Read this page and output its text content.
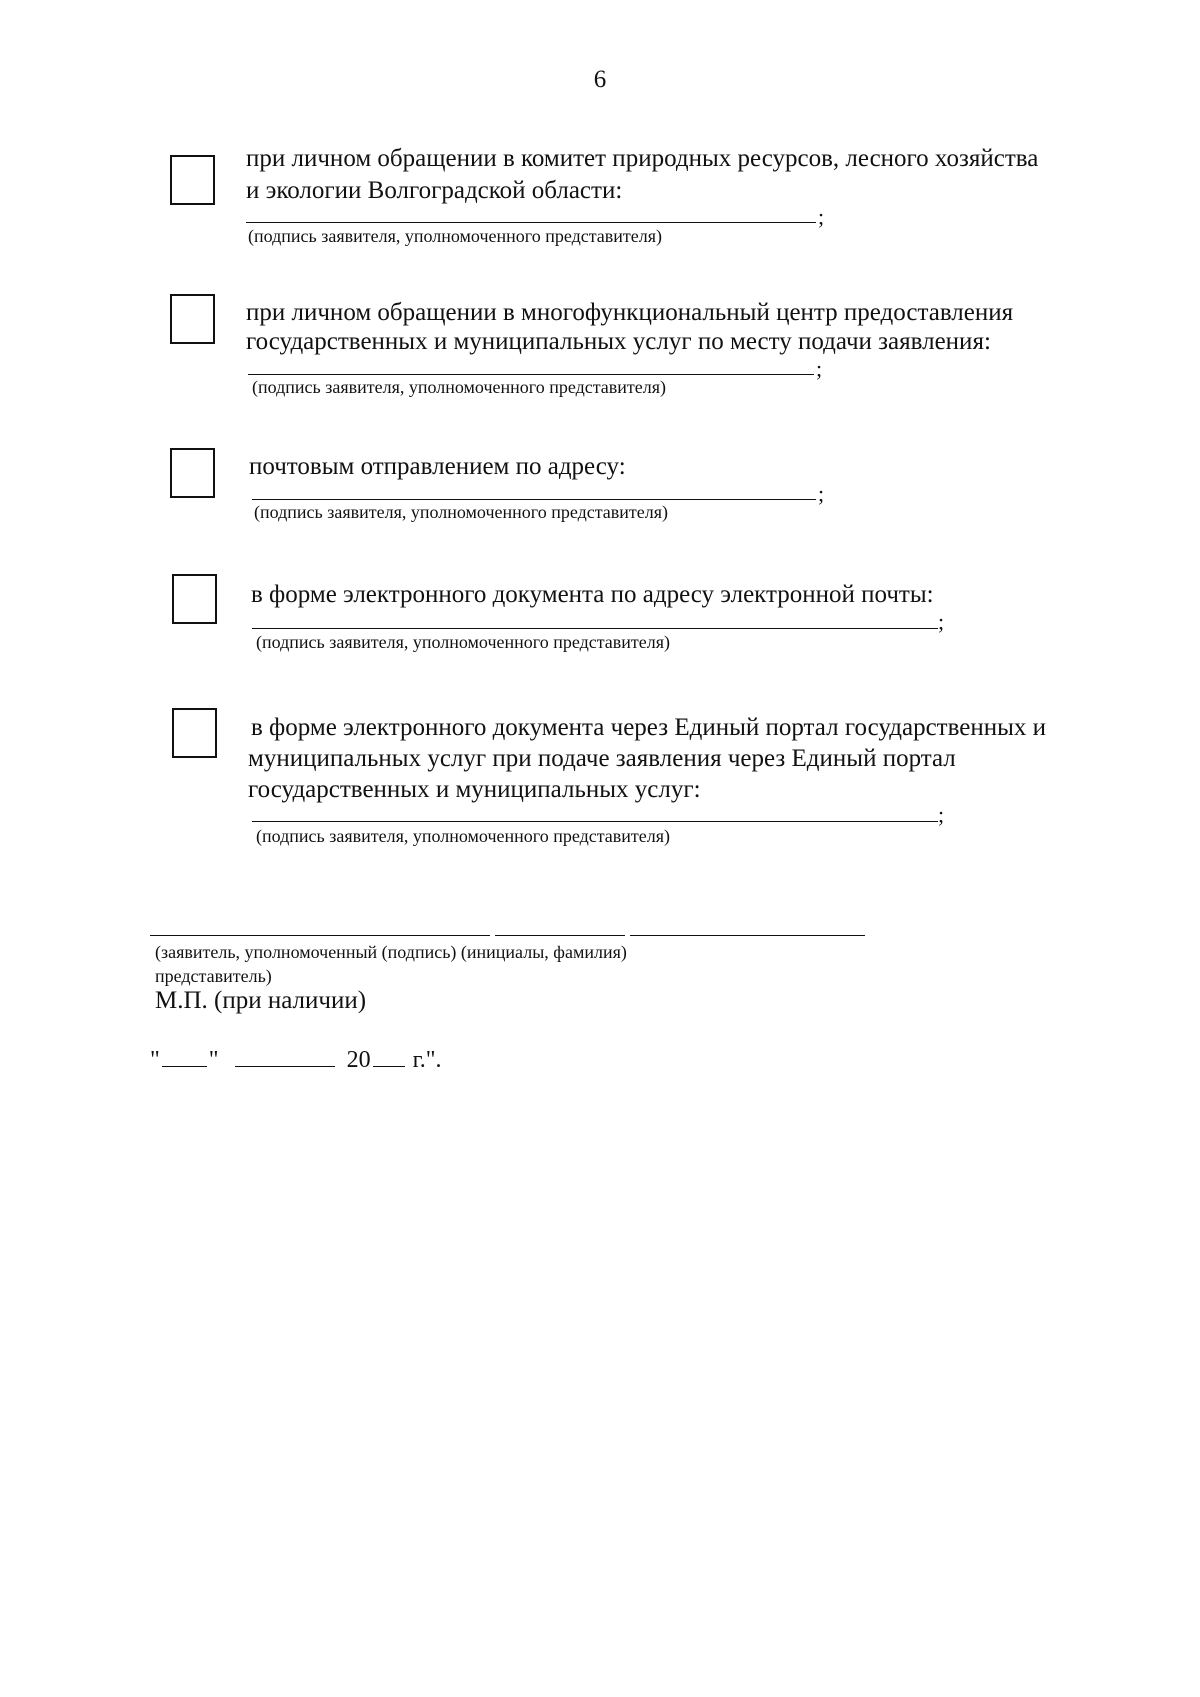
6
при личном обращении в комитет природных ресурсов, лесного хозяйства
и экологии Волгоградской области:
;
(подпись заявителя, уполномоченного представителя)
при личном обращении в многофункциональный центр предоставления
государственных и муниципальных услуг по месту подачи заявления:
;
(подпись заявителя, уполномоченного представителя)
почтовым отправлением по адресу:
;
(подпись заявителя, уполномоченного представителя)
в форме электронного документа по адресу электронной почты:
;
(подпись заявителя, уполномоченного представителя)
в форме электронного документа через Единый портал государственных и
муниципальных услуг при подаче заявления через Единый портал
государственных и муниципальных услуг:
;
(подпись заявителя, уполномоченного представителя)
(заявитель, уполномоченный (подпись) (инициалы, фамилия)
представитель)
М.П. (при наличии)
" "	20 г.".
